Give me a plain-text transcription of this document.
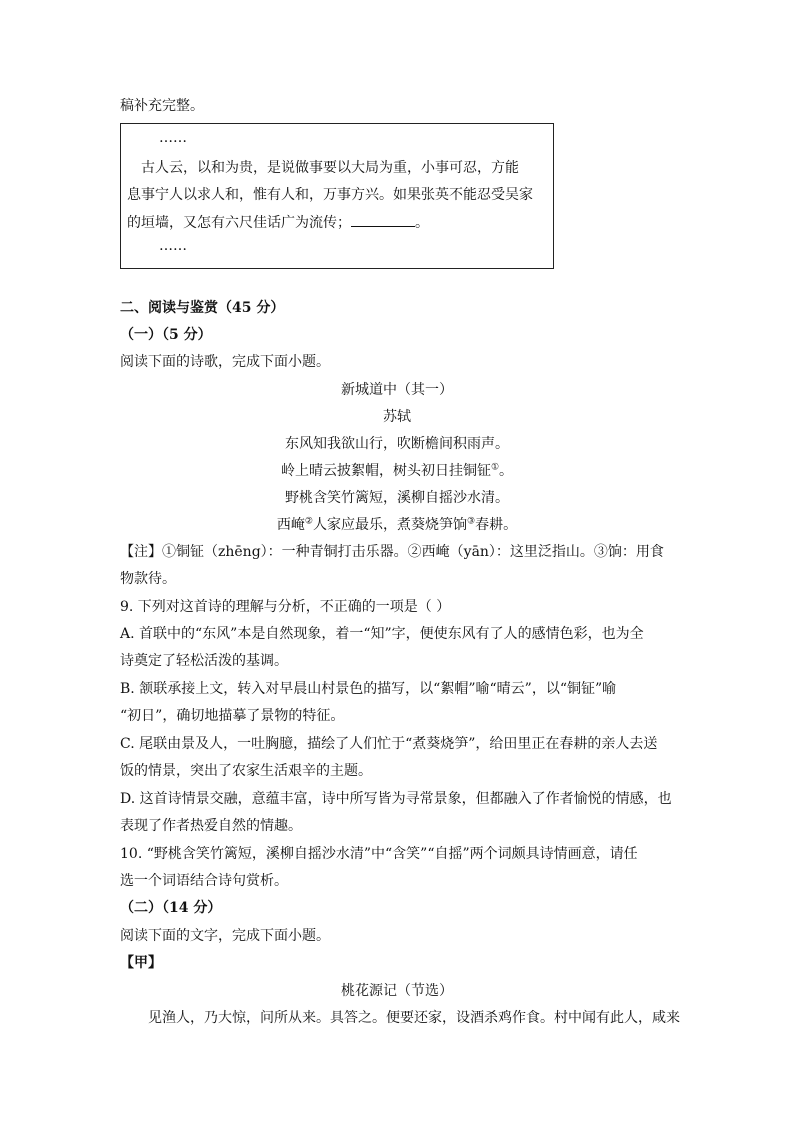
稿补充完整。
……
古人云，以和为贵，是说做事要以大局为重，小事可忍，方能
息事宁人以求人和，惟有人和，万事方兴。如果张英不能忍受吴家
的垣墙，又怎有六尺佳话广为流传；	。
……
二、阅读与鉴赏（45 分）
（一）（5 分）
阅读下面的诗歌，完成下面小题。
新城道中（其一）
苏轼
东风知我欲山行，吹断檐间积雨声。
岭上晴云披絮帽，树头初日挂铜钲①。
野桃含笑竹篱短，溪柳自摇沙水清。
西崦②人家应最乐，煮葵烧笋饷③春耕。
【注】①铜钲（zhēng）：一种青铜打击乐器。②西崦（yān）：这里泛指山。③饷：用食
物款待。
9. 下列对这首诗的理解与分析，不正确的一项是（ ）
A. 首联中的“东风”本是自然现象，着一“知”字，便使东风有了人的感情色彩，也为全
诗奠定了轻松活泼的基调。
B. 颔联承接上文，转入对早晨山村景色的描写，以“絮帽”喻“晴云”，以“铜钲”喻
“初日”，确切地描摹了景物的特征。
C. 尾联由景及人，一吐胸臆，描绘了人们忙于“煮葵烧笋”，给田里正在春耕的亲人去送
饭的情景，突出了农家生活艰辛的主题。
D. 这首诗情景交融，意蕴丰富，诗中所写皆为寻常景象，但都融入了作者愉悦的情感，也
表现了作者热爱自然的情趣。
10. “野桃含笑竹篱短，溪柳自摇沙水清”中“含笑”“自摇”两个词颇具诗情画意，请任
选一个词语结合诗句赏析。
（二）（14 分）
阅读下面的文字，完成下面小题。
【甲】
桃花源记（节选）
见渔人，乃大惊，问所从来。具答之。便要还家，设酒杀鸡作食。村中闻有此人，咸来
